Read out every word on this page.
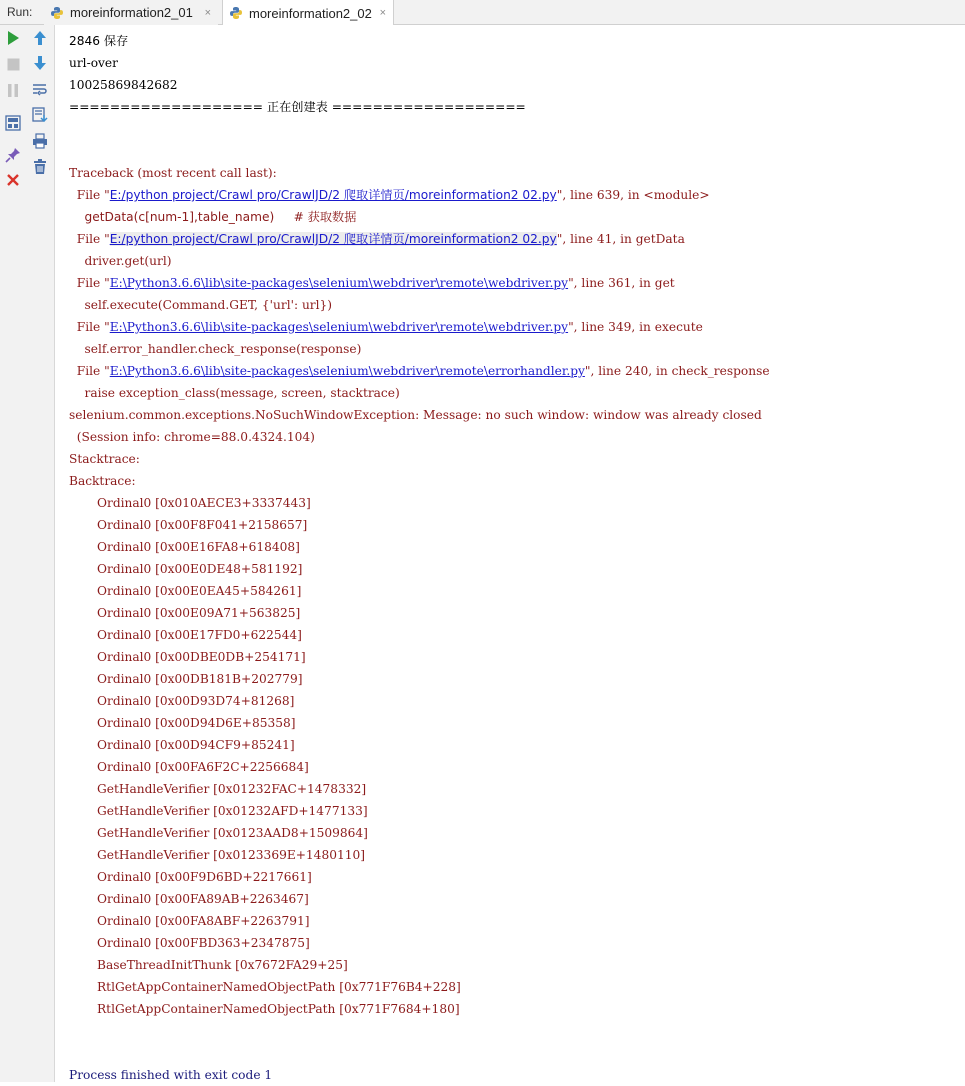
Run:	moreinformation2_01 ×	moreinformation2_02 ×
2846 保存
url-over
10025869842682
=================== 正在创建表 ===================
Traceback (most recent call last):
File "E:/python project/Crawl pro/CrawlJD/2 爬取详情页/moreinformation2 02.py", line 639, in <module>
getData(c[num-1],table_name)     # 获取数据
File "E:/python project/Crawl pro/CrawlJD/2 爬取详情页/moreinformation2 02.py", line 41, in getData
driver.get(url)
File "E:\Python3.6.6\lib\site-packages\selenium\webdriver\remote\webdriver.py", line 361, in get
self.execute(Command.GET, {'url': url})
File "E:\Python3.6.6\lib\site-packages\selenium\webdriver\remote\webdriver.py", line 349, in execute
self.error_handler.check_response(response)
File "E:\Python3.6.6\lib\site-packages\selenium\webdriver\remote\errorhandler.py", line 240, in check_response
raise exception_class(message, screen, stacktrace)
selenium.common.exceptions.NoSuchWindowException: Message: no such window: window was already closed
(Session info: chrome=88.0.4324.104)
Stacktrace:
Backtrace:
Ordinal0 [0x010AECE3+3337443]
Ordinal0 [0x00F8F041+2158657]
Ordinal0 [0x00E16FA8+618408]
Ordinal0 [0x00E0DE48+581192]
Ordinal0 [0x00E0EA45+584261]
Ordinal0 [0x00E09A71+563825]
Ordinal0 [0x00E17FD0+622544]
Ordinal0 [0x00DBE0DB+254171]
Ordinal0 [0x00DB181B+202779]
Ordinal0 [0x00D93D74+81268]
Ordinal0 [0x00D94D6E+85358]
Ordinal0 [0x00D94CF9+85241]
Ordinal0 [0x00FA6F2C+2256684]
GetHandleVerifier [0x01232FAC+1478332]
GetHandleVerifier [0x01232AFD+1477133]
GetHandleVerifier [0x0123AAD8+1509864]
GetHandleVerifier [0x0123369E+1480110]
Ordinal0 [0x00F9D6BD+2217661]
Ordinal0 [0x00FA89AB+2263467]
Ordinal0 [0x00FA8ABF+2263791]
Ordinal0 [0x00FBD363+2347875]
BaseThreadInitThunk [0x7672FA29+25]
RtlGetAppContainerNamedObjectPath [0x771F76B4+228]
RtlGetAppContainerNamedObjectPath [0x771F7684+180]
Process finished with exit code 1
